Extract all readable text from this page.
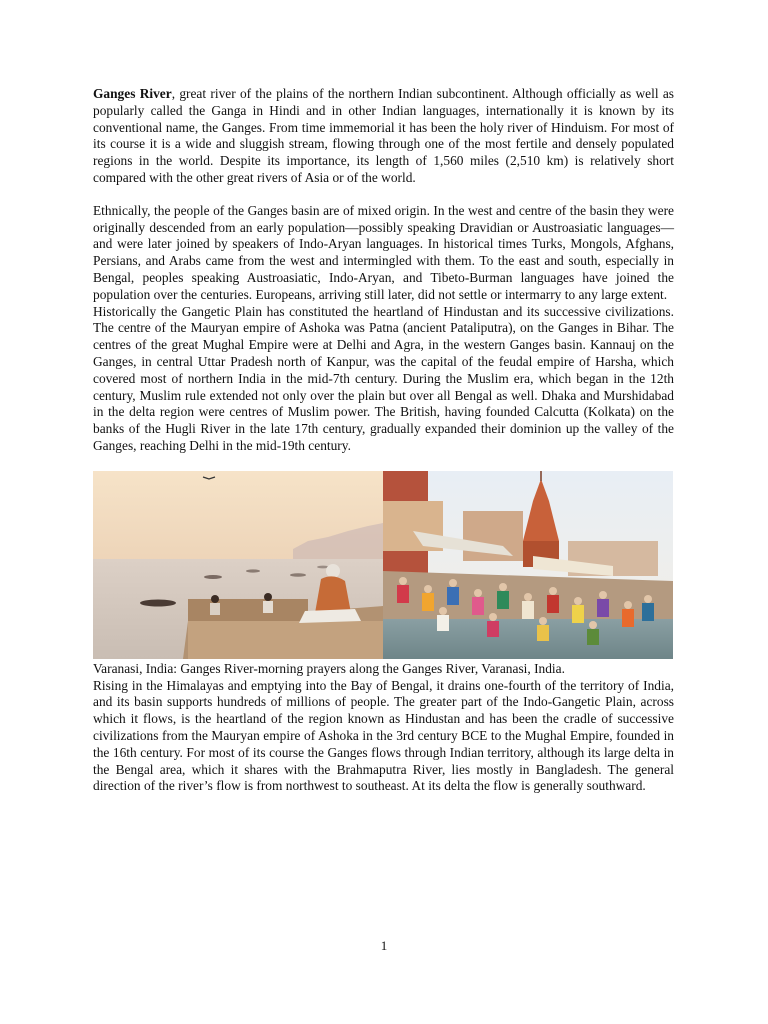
Ganges River, great river of the plains of the northern Indian subcontinent. Although officially as well as popularly called the Ganga in Hindi and in other Indian languages, internationally it is known by its conventional name, the Ganges. From time immemorial it has been the holy river of Hinduism. For most of its course it is a wide and sluggish stream, flowing through one of the most fertile and densely populated regions in the world. Despite its importance, its length of 1,560 miles (2,510 km) is relatively short compared with the other great rivers of Asia or of the world.

Ethnically, the people of the Ganges basin are of mixed origin. In the west and centre of the basin they were originally descended from an early population—possibly speaking Dravidian or Austroasiatic languages—and were later joined by speakers of Indo-Aryan languages. In historical times Turks, Mongols, Afghans, Persians, and Arabs came from the west and intermingled with them. To the east and south, especially in Bengal, peoples speaking Austroasiatic, Indo-Aryan, and Tibeto-Burman languages have joined the population over the centuries. Europeans, arriving still later, did not settle or intermarry to any large extent.

Historically the Gangetic Plain has constituted the heartland of Hindustan and its successive civilizations. The centre of the Mauryan empire of Ashoka was Patna (ancient Pataliputra), on the Ganges in Bihar. The centres of the great Mughal Empire were at Delhi and Agra, in the western Ganges basin. Kannauj on the Ganges, in central Uttar Pradesh north of Kanpur, was the capital of the feudal empire of Harsha, which covered most of northern India in the mid-7th century. During the Muslim era, which began in the 12th century, Muslim rule extended not only over the plain but over all Bengal as well. Dhaka and Murshidabad in the delta region were centres of Muslim power. The British, having founded Calcutta (Kolkata) on the banks of the Hugli River in the late 17th century, gradually expanded their dominion up the valley of the Ganges, reaching Delhi in the mid-19th century.

Varanasi, India: Ganges River-morning prayers along the Ganges River, Varanasi, India.

Rising in the Himalayas and emptying into the Bay of Bengal, it drains one-fourth of the territory of India, and its basin supports hundreds of millions of people. The greater part of the Indo-Gangetic Plain, across which it flows, is the heartland of the region known as Hindustan and has been the cradle of successive civilizations from the Mauryan empire of Ashoka in the 3rd century BCE to the Mughal Empire, founded in the 16th century. For most of its course the Ganges flows through Indian territory, although its large delta in the Bengal area, which it shares with the Brahmaputra River, lies mostly in Bangladesh. The general direction of the river’s flow is from northwest to southeast. At its delta the flow is generally southward.

1
